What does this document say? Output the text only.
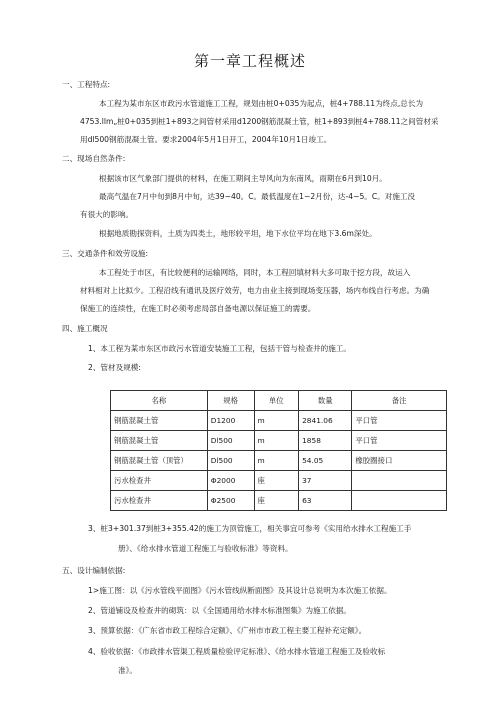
第一章工程概述
一、工程特点:
本工程为某市东区市政污水管道施工工程，规划由桩0+035为起点，桩4+788.11为终点,总长为
4753.llm„桩0+035到桩1+893之间管材采用d1200钢筋混凝土管，桩1+893到桩4+788.11之间管材采
用dl500钢筋混凝土管。要求2004年5月1日开工，2004年10月1日竣工。
二、现场自然条件:
根据该市区气象部门提供的材料，在施工期间主导风向为东南风，雨期在6月到10月。
最高气温在7月中旬到8月中旬，达39~40。C。最低温度在1~2月份，达-4~5。C。对施工没
有很大的影响。
根据地质勘探资料，土质为四类土，地形较平坦，地下水位平均在地下3.6m深处。
三、交通条件和效劳设施:
本工程处于市区，有比较便利的运输网络，同时，本工程回填材料大多可取于挖方段，故运入
材料相对上比拟少。工程沿线有通讯及医疗效劳，电力由业主接到现场变压器，场内布线自行考虑。为确
保施工的连续性，在施工时必须考虑局部自备电源以保证施工的需要。
四、施工概况
1、本工程为某市东区市政污水管道安装施工工程，包括干管与检查井的施工。
2、管材及规模:
名称	规格	单位	数量	备注
钢筋混凝土管	D1200	m	2841.06	平口管
钢筋混凝土管	Dl500	m	1858	平口管
钢筋混凝土管（顶管）	Dl500	m	54.05	橡胶圈接口
污水检查井	Φ2000	座	37	
污水检查井	Φ2500	座	63	
3、桩3+301.37到桩3+355.42的施工为顶管施工，相关事宜可参考《实用给水排水工程施工手
册》、《给水排水管道工程施工与验收标准》等资料。
五、设计编制依据:
1>施工图：以《污水管线平面图》《污水管线纵断面图》及其设计总说明为本次施工依据。
2、管道铺设及检查井的砌筑：以《全国通用给水排水标准图集》为施工依据。
3、预算依据：《广东省市政工程综合定额》、《广州市市政工程主要工程补充定额》。
4、验收依据：《市政排水管渠工程质量检验评定标准》、《给水排水管道工程施工及验收标
准》。
